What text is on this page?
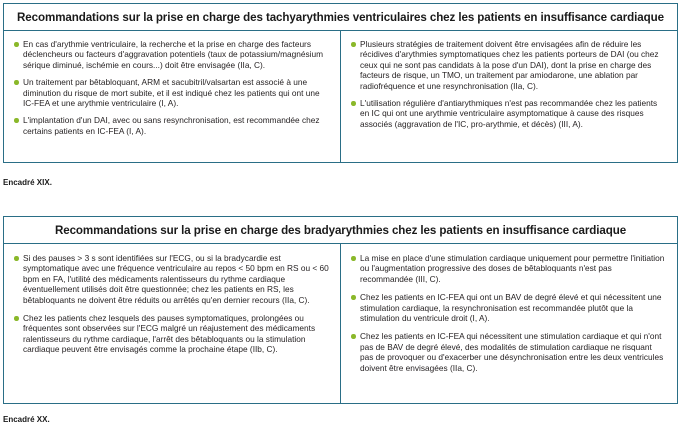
Recommandations sur la prise en charge des tachyarythmies ventriculaires chez les patients en insuffisance cardiaque
En cas d'arythmie ventriculaire, la recherche et la prise en charge des facteurs déclencheurs ou facteurs d'aggravation potentiels (taux de potassium/magnésium sérique diminué, ischémie en cours...) doit être envisagée (IIa, C).
Un traitement par bêtabloquant, ARM et sacubitril/valsartan est associé à une diminution du risque de mort subite, et il est indiqué chez les patients qui ont une IC-FEA et une arythmie ventriculaire (I, A).
L'implantation d'un DAI, avec ou sans resynchronisation, est recommandée chez certains patients en IC-FEA (I, A).
Plusieurs stratégies de traitement doivent être envisagées afin de réduire les récidives d'arythmies symptomatiques chez les patients porteurs de DAI (ou chez ceux qui ne sont pas candidats à la pose d'un DAI), dont la prise en charge des facteurs de risque, un TMO, un traitement par amiodarone, une ablation par radiofréquence et une resynchronisation (IIa, C).
L'utilisation régulière d'antiarythmiques n'est pas recommandée chez les patients en IC qui ont une arythmie ventriculaire asymptomatique à cause des risques associés (aggravation de l'IC, pro-arythmie, et décès) (III, A).
Encadré XIX.
Recommandations sur la prise en charge des bradyarythmies chez les patients en insuffisance cardiaque
Si des pauses > 3 s sont identifiées sur l'ECG, ou si la bradycardie est symptomatique avec une fréquence ventriculaire au repos < 50 bpm en RS ou < 60 bpm en FA, l'utilité des médicaments ralentisseurs du rythme cardiaque éventuellement utilisés doit être questionnée; chez les patients en RS, les bêtabloquants ne doivent être réduits ou arrêtés qu'en dernier recours (IIa, C).
Chez les patients chez lesquels des pauses symptomatiques, prolongées ou fréquentes sont observées sur l'ECG malgré un réajustement des médicaments ralentisseurs du rythme cardiaque, l'arrêt des bêtabloquants ou la stimulation cardiaque peuvent être envisagés comme la prochaine étape (IIb, C).
La mise en place d'une stimulation cardiaque uniquement pour permettre l'initiation ou l'augmentation progressive des doses de bêtabloquants n'est pas recommandée (III, C).
Chez les patients en IC-FEA qui ont un BAV de degré élevé et qui nécessitent une stimulation cardiaque, la resynchronisation est recommandée plutôt que la stimulation du ventricule droit (I, A).
Chez les patients en IC-FEA qui nécessitent une stimulation cardiaque et qui n'ont pas de BAV de degré élevé, des modalités de stimulation cardiaque ne risquant pas de provoquer ou d'exacerber une désynchronisation entre les deux ventricules doivent être envisagées (IIa, C).
Encadré XX.
